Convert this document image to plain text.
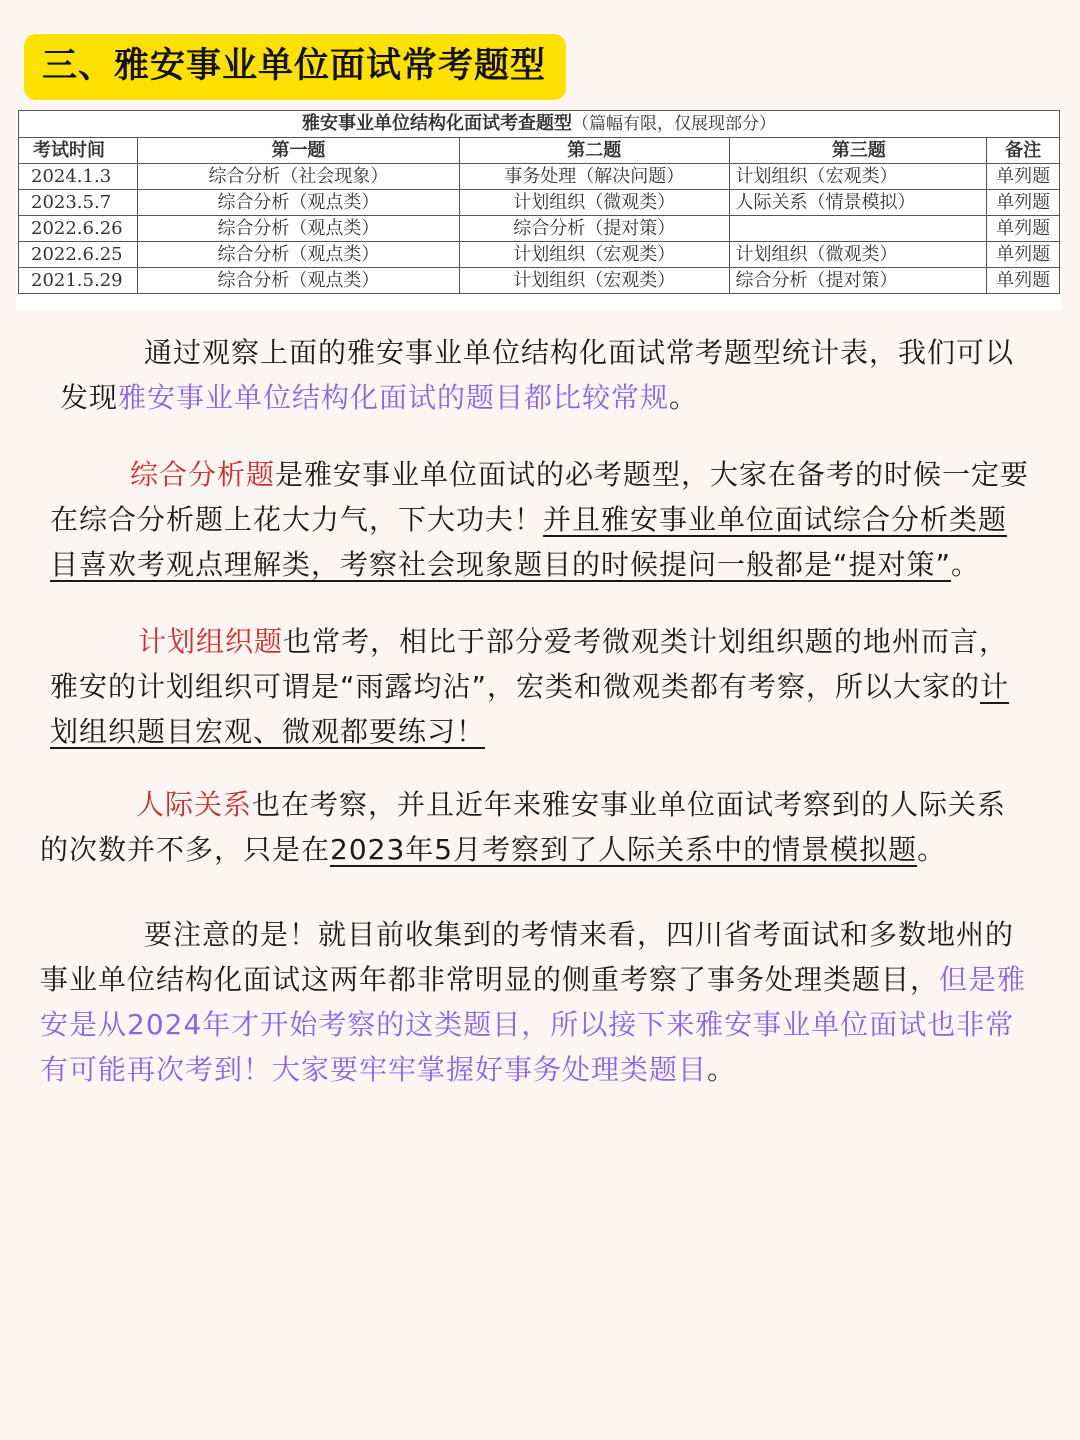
三、雅安事业单位面试常考题型
雅安事业单位结构化面试考查题型（篇幅有限，仅展现部分）				
考试时间	第一题	第二题	第三题	备注
2024.1.3	综合分析（社会现象）	事务处理（解决问题）	计划组织（宏观类）	单列题
2023.5.7	综合分析（观点类）	计划组织（微观类）	人际关系（情景模拟）	单列题
2022.6.26	综合分析（观点类）	综合分析（提对策）		单列题
2022.6.25	综合分析（观点类）	计划组织（宏观类）	计划组织（微观类）	单列题
2021.5.29	综合分析（观点类）	计划组织（宏观类）	综合分析（提对策）	单列题

通过观察上面的雅安事业单位结构化面试常考题型统计表，我们可以发现雅安事业单位结构化面试的题目都比较常规。

综合分析题是雅安事业单位面试的必考题型，大家在备考的时候一定要在综合分析题上花大力气，下大功夫！并且雅安事业单位面试综合分析类题目喜欢考观点理解类，考察社会现象题目的时候提问一般都是“提对策”。

计划组织题也常考，相比于部分爱考微观类计划组织题的地州而言，雅安的计划组织可谓是“雨露均沾”，宏类和微观类都有考察，所以大家的计划组织题目宏观、微观都要练习！

人际关系也在考察，并且近年来雅安事业单位面试考察到的人际关系的次数并不多，只是在2023年5月考察到了人际关系中的情景模拟题。

要注意的是！就目前收集到的考情来看，四川省考面试和多数地州的事业单位结构化面试这两年都非常明显的侧重考察了事务处理类题目，但是雅安是从2024年才开始考察的这类题目，所以接下来雅安事业单位面试也非常有可能再次考到！大家要牢牢掌握好事务处理类题目。
